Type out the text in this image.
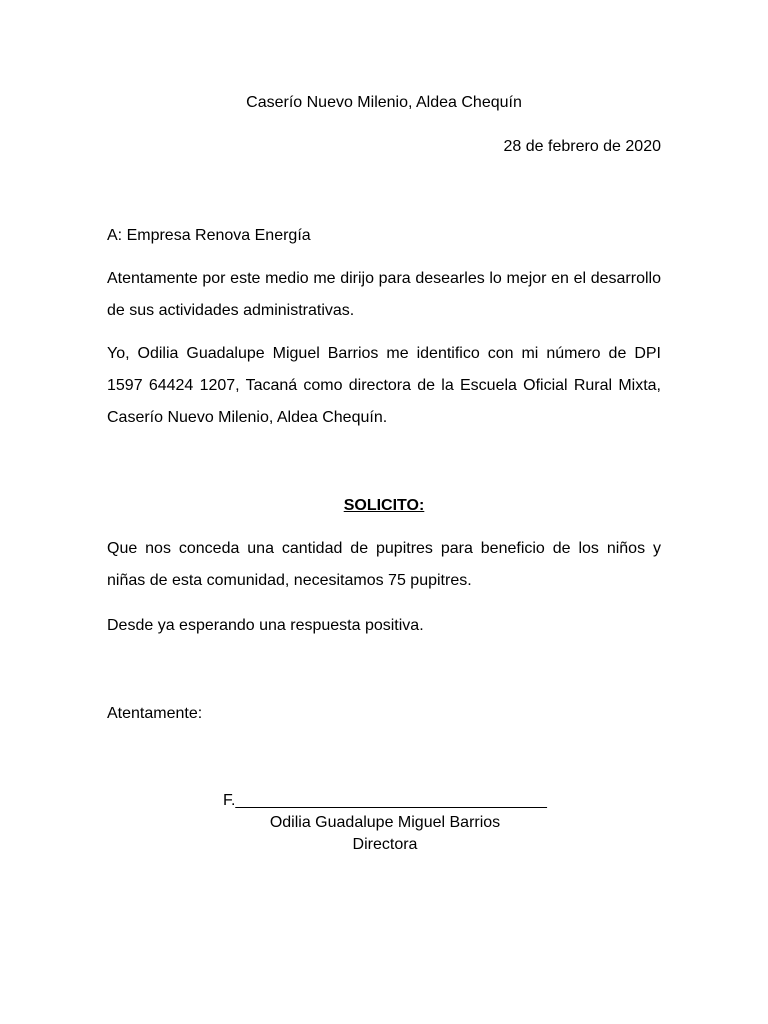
Caserío Nuevo Milenio, Aldea Chequín
28 de febrero de 2020
A: Empresa Renova Energía
Atentamente por este medio me dirijo para desearles lo mejor en el desarrollo de sus actividades administrativas.
Yo, Odilia Guadalupe Miguel Barrios me identifico con mi número de DPI 1597 64424 1207, Tacaná como directora de la Escuela Oficial Rural Mixta, Caserío Nuevo Milenio, Aldea Chequín.
SOLICITO:
Que nos conceda una cantidad de pupitres para beneficio de los niños y niñas de esta comunidad, necesitamos 75 pupitres.
Desde ya esperando una respuesta positiva.
Atentamente:
F.___________________________________
Odilia Guadalupe Miguel Barrios
Directora
